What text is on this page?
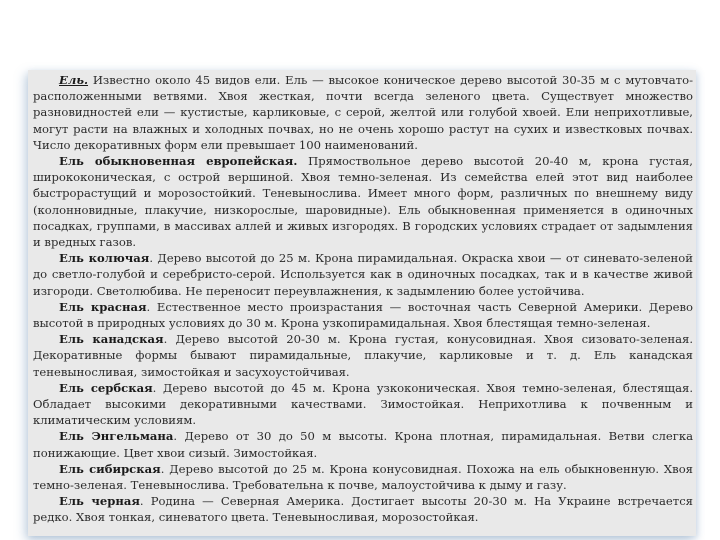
Ель. Известно около 45 видов ели. Ель — высокое коническое дерево высотой 30-35 м с мутовчато-расположенными ветвями. Хвоя жесткая, почти всегда зеленого цвета. Существует множество разновидностей ели — кустистые, карликовые, с серой, желтой или голубой хвоей. Ели неприхотливые, могут расти на влажных и холодных почвах, но не очень хорошо растут на сухих и известковых почвах. Число декоративных форм ели превышает 100 наименований.

Ель обыкновенная европейская. Прямоствольное дерево высотой 20-40 м, крона густая, ширококоническая, с острой вершиной. Хвоя темно-зеленая. Из семейства елей этот вид наиболее быстрорастущий и морозостойкий. Теневынослива. Имеет много форм, различных по внешнему виду (колонновидные, плакучие, низкорослые, шаровидные). Ель обыкновенная применяется в одиночных посадках, группами, в массивах аллей и живых изгородях. В городских условиях страдает от задымления и вредных газов.

Ель колючая. Дерево высотой до 25 м. Крона пирамидальная. Окраска хвои — от синевато-зеленой до светло-голубой и серебристо-серой. Используется как в одиночных посадках, так и в качестве живой изгороди. Светолюбива. Не переносит переувлажнения, к задымлению более устойчива.

Ель красная. Естественное место произрастания — восточная часть Северной Америки. Дерево высотой в природных условиях до 30 м. Крона узкопирамидальная. Хвоя блестящая темно-зеленая.

Ель канадская. Дерево высотой 20-30 м. Крона густая, конусовидная. Хвоя сизовато-зеленая. Декоративные формы бывают пирамидальные, плакучие, карликовые и т. д. Ель канадская теневыносливая, зимостойкая и засухоустойчивая.

Ель сербская. Дерево высотой до 45 м. Крона узкоконическая. Хвоя темно-зеленая, блестящая. Обладает высокими декоративными качествами. Зимостойкая. Неприхотлива к почвенным и климатическим условиям.

Ель Энгельмана. Дерево от 30 до 50 м высоты. Крона плотная, пирамидальная. Ветви слегка понижающие. Цвет хвои сизый. Зимостойкая.

Ель сибирская. Дерево высотой до 25 м. Крона конусовидная. Похожа на ель обыкновенную. Хвоя темно-зеленая. Теневынослива. Требовательна к почве, малоустойчива к дыму и газу.

Ель черная. Родина — Северная Америка. Достигает высоты 20-30 м. На Украине встречается редко. Хвоя тонкая, синеватого цвета. Теневыносливая, морозостойкая.
